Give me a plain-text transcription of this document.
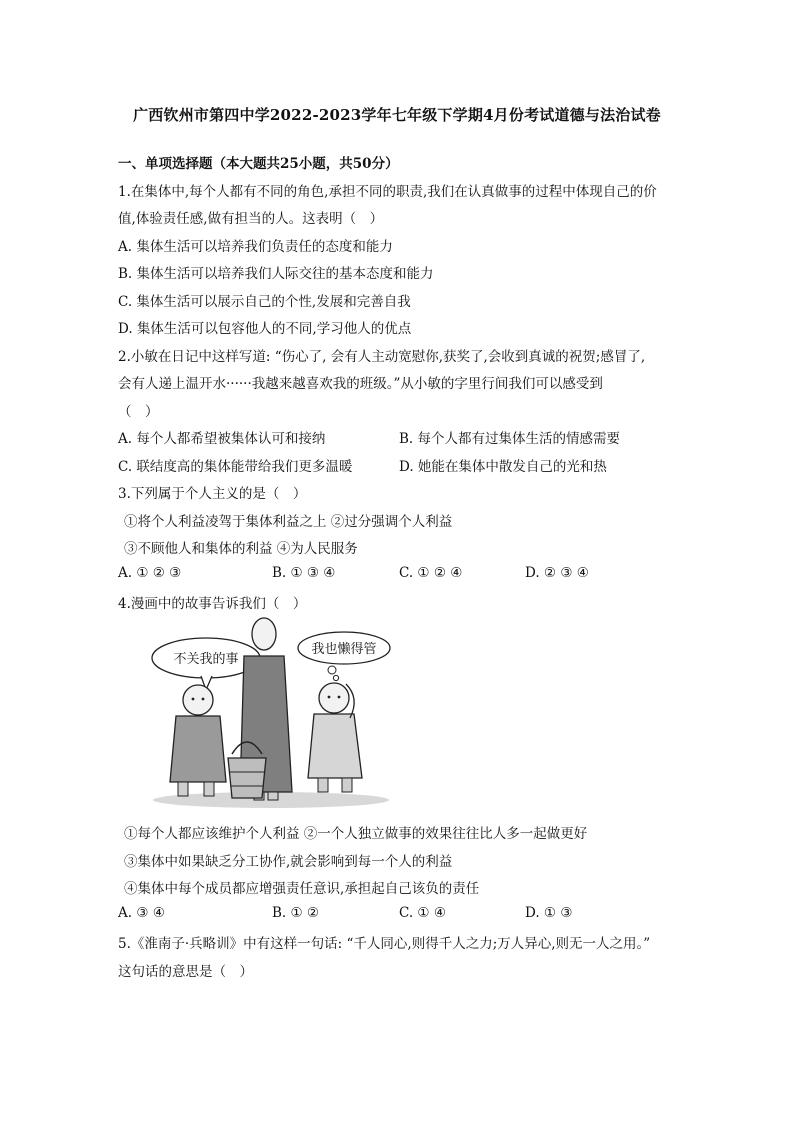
广西钦州市第四中学2022-2023学年七年级下学期4月份考试道德与法治试卷
一、单项选择题（本大题共25小题，共50分）
1.在集体中,每个人都有不同的角色,承担不同的职责,我们在认真做事的过程中体现自己的价
值,体验责任感,做有担当的人。这表明（　）
A. 集体生活可以培养我们负责任的态度和能力
B. 集体生活可以培养我们人际交往的基本态度和能力
C. 集体生活可以展示自己的个性,发展和完善自我
D. 集体生活可以包容他人的不同,学习他人的优点
2.小敏在日记中这样写道: “伤心了, 会有人主动宽慰你,获奖了,会收到真诚的祝贺;感冒了,
会有人递上温开水······我越来越喜欢我的班级。”从小敏的字里行间我们可以感受到
（　）
A. 每个人都希望被集体认可和接纳	B. 每个人都有过集体生活的情感需要
C. 联结度高的集体能带给我们更多温暖	D. 她能在集体中散发自己的光和热
3.下列属于个人主义的是（　）
①将个人利益凌驾于集体利益之上 ②过分强调个人利益
③不顾他人和集体的利益 ④为人民服务
A. ① ② ③	B. ① ③ ④	C. ① ② ④	D. ② ③ ④
4.漫画中的故事告诉我们（　）
不关我的事
我也懒得管
①每个人都应该维护个人利益 ②一个人独立做事的效果往往比人多一起做更好
③集体中如果缺乏分工协作,就会影响到每一个人的利益
④集体中每个成员都应增强责任意识,承担起自己该负的责任
A. ③ ④	B. ① ②	C. ① ④	D. ① ③
5.《淮南子·兵略训》中有这样一句话: “千人同心,则得千人之力;万人异心,则无一人之用。”
这句话的意思是（　）
